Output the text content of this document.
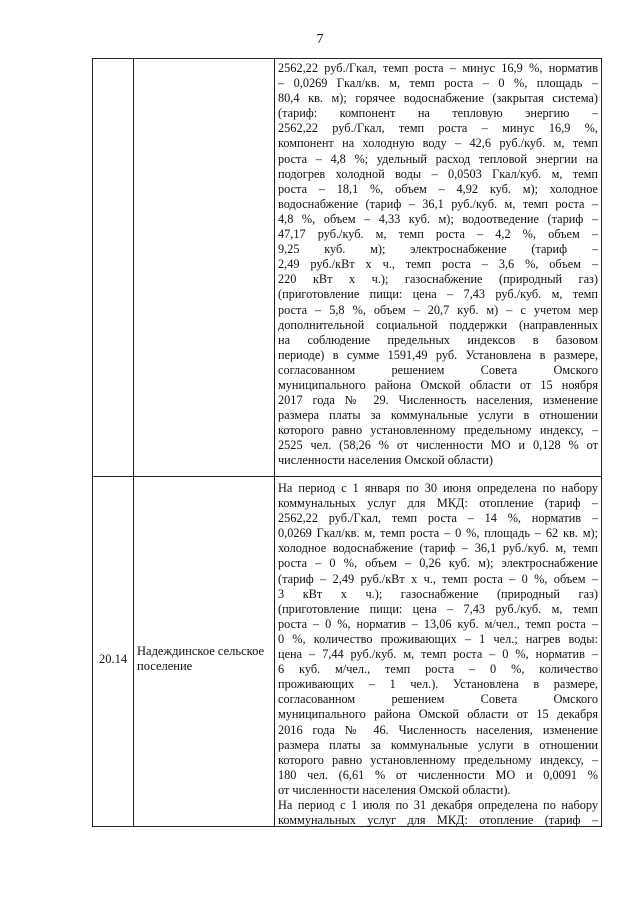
7
2562,22 руб./Гкал, темп роста – минус 16,9 %, норматив
– 0,0269 Гкал/кв. м, темп роста – 0 %, площадь –
80,4 кв. м); горячее водоснабжение (закрытая система)
(тариф: компонент на тепловую энергию –
2562,22 руб./Гкал, темп роста – минус 16,9 %,
компонент на холодную воду – 42,6 руб./куб. м, темп
роста – 4,8 %; удельный расход тепловой энергии на
подогрев холодной воды – 0,0503 Гкал/куб. м, темп
роста – 18,1 %, объем – 4,92 куб. м); холодное
водоснабжение (тариф – 36,1 руб./куб. м, темп роста –
4,8 %, объем – 4,33 куб. м); водоотведение (тариф –
47,17 руб./куб. м, темп роста – 4,2 %, объем –
9,25 куб. м); электроснабжение (тариф –
2,49 руб./кВт х ч., темп роста – 3,6 %, объем –
220 кВт х ч.); газоснабжение (природный газ)
(приготовление пищи: цена – 7,43 руб./куб. м, темп
роста – 5,8 %, объем – 20,7 куб. м) – с учетом мер
дополнительной социальной поддержки (направленных
на соблюдение предельных индексов в базовом
периоде) в сумме 1591,49 руб. Установлена в размере,
согласованном решением Совета Омского
муниципального района Омской области от 15 ноября
2017 года № 29. Численность населения, изменение
размера платы за коммунальные услуги в отношении
которого равно установленному предельному индексу, –
2525 чел. (58,26 % от численности МО и 0,128 % от
численности населения Омской области)
20.14
Надеждинское сельское поселение
На период с 1 января по 30 июня определена по набору
коммунальных услуг для МКД: отопление (тариф –
2562,22 руб./Гкал, темп роста – 14 %, норматив –
0,0269 Гкал/кв. м, темп роста – 0 %, площадь – 62 кв. м);
холодное водоснабжение (тариф – 36,1 руб./куб. м, темп
роста – 0 %, объем – 0,26 куб. м); электроснабжение
(тариф – 2,49 руб./кВт х ч., темп роста – 0 %, объем –
3 кВт х ч.); газоснабжение (природный газ)
(приготовление пищи: цена – 7,43 руб./куб. м, темп
роста – 0 %, норматив – 13,06 куб. м/чел., темп роста –
0 %, количество проживающих – 1 чел.; нагрев воды:
цена – 7,44 руб./куб. м, темп роста – 0 %, норматив –
6 куб. м/чел., темп роста – 0 %, количество
проживающих – 1 чел.). Установлена в размере,
согласованном решением Совета Омского
муниципального района Омской области от 15 декабря
2016 года № 46. Численность населения, изменение
размера платы за коммунальные услуги в отношении
которого равно установленному предельному индексу, –
180 чел. (6,61 % от численности МО и 0,0091 %
от численности населения Омской области).
На период с 1 июля по 31 декабря определена по набору
коммунальных услуг для МКД: отопление (тариф –
